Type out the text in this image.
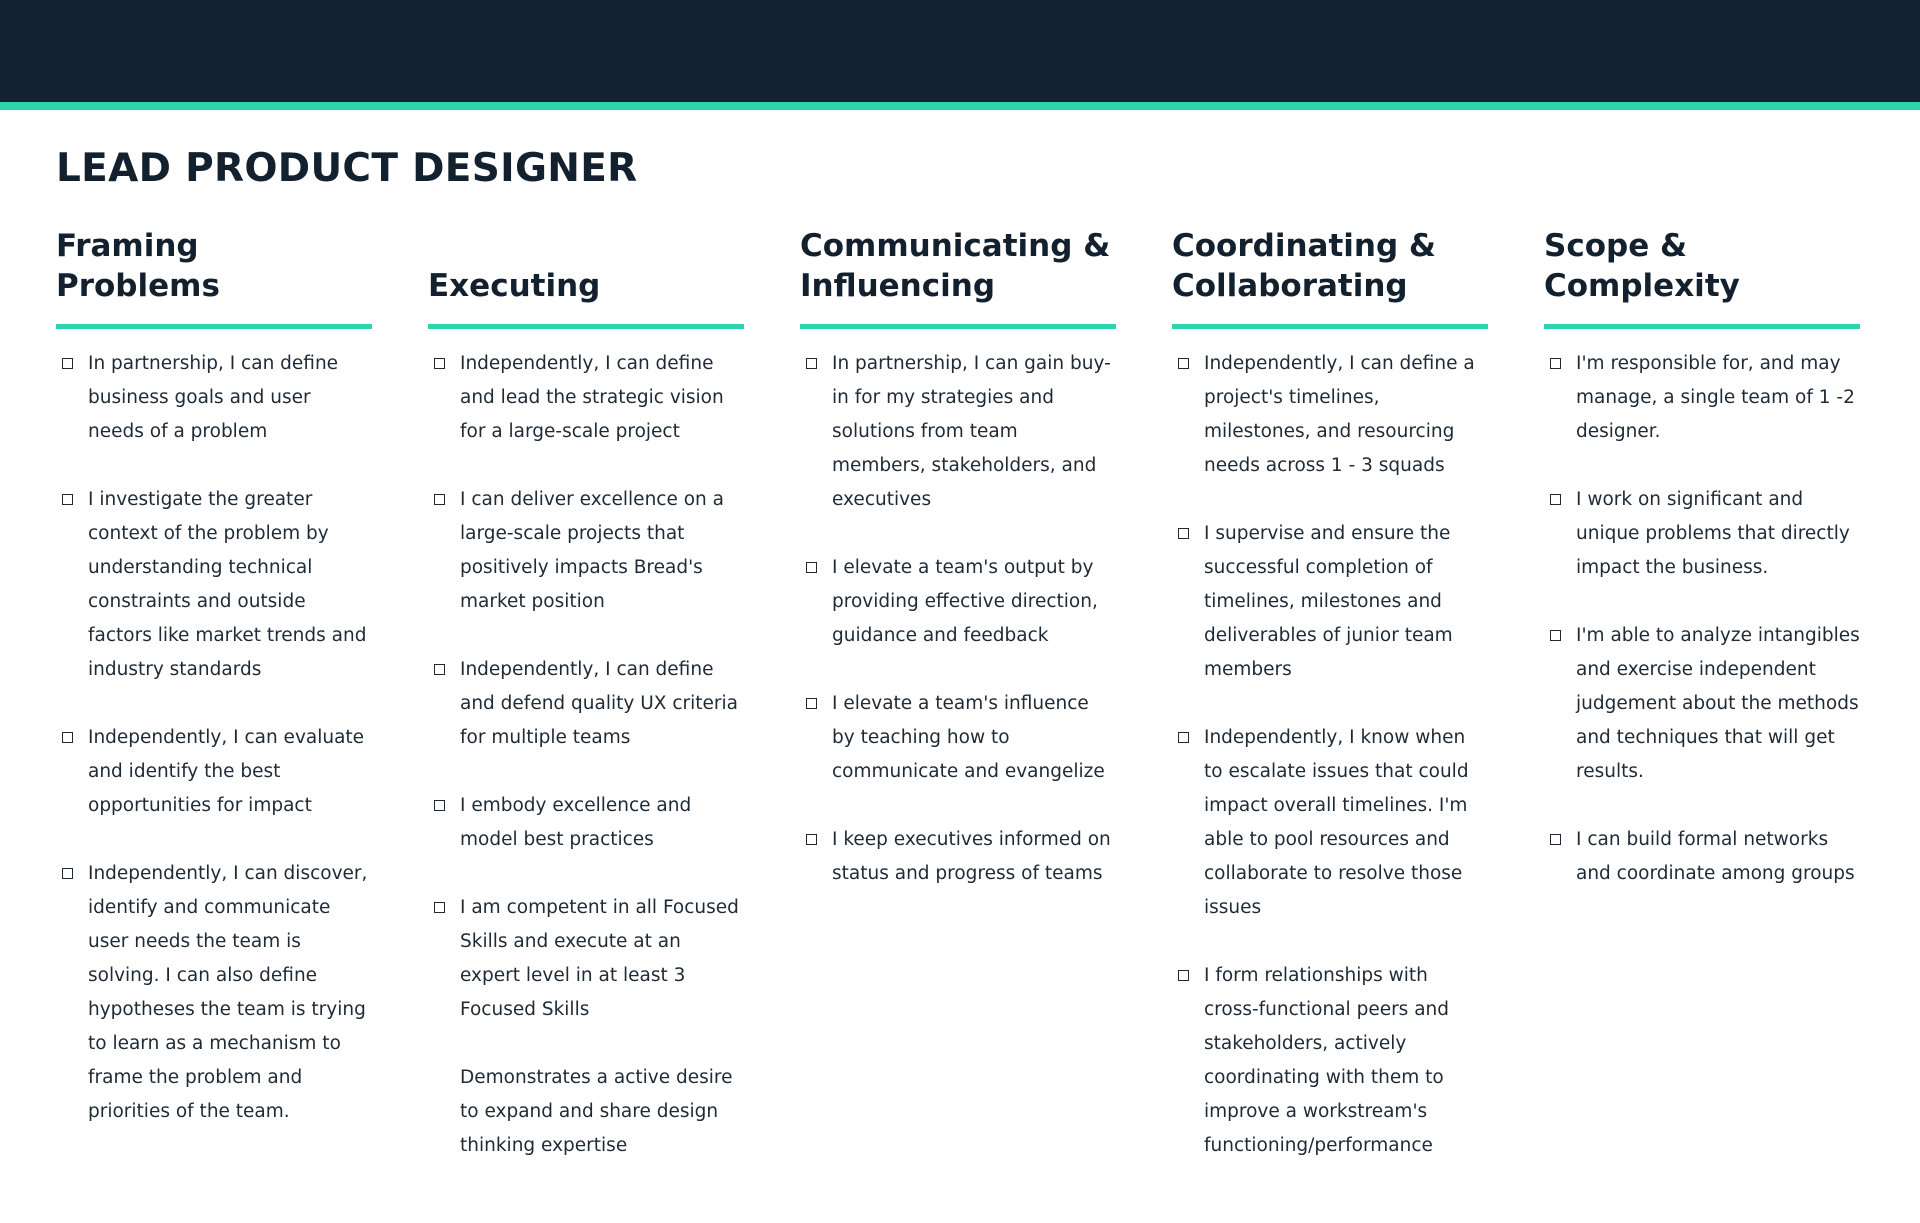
LEAD PRODUCT DESIGNER
Framing Problems
In partnership, I can define business goals and user needs of a problem
I investigate the greater context of the problem by understanding technical constraints and outside factors like market trends and industry standards
Independently, I can evaluate and identify the best opportunities for impact
Independently, I can discover, identify and communicate user needs the team is solving. I can also define hypotheses the team is trying to learn as a mechanism to frame the problem and priorities of the team.
Executing
Independently, I can define and lead the strategic vision for a large-scale project
I can deliver excellence on a large-scale projects that positively impacts Bread's market position
Independently, I can define and defend quality UX criteria for multiple teams
I embody excellence and model best practices
I am competent in all Focused Skills and execute at an expert level in at least 3 Focused Skills
Demonstrates a active desire to expand and share design thinking expertise
Communicating & Influencing
In partnership, I can gain buy-in for my strategies and solutions from team members, stakeholders, and executives
I elevate a team's output by providing effective direction, guidance and feedback
I elevate a team's influence by teaching how to communicate and evangelize
I keep executives informed on status and progress of teams
Coordinating & Collaborating
Independently, I can define a project's timelines, milestones, and resourcing needs across 1 - 3 squads
I supervise and ensure the successful completion of timelines, milestones and deliverables of junior team members
Independently, I know when to escalate issues that could impact overall timelines. I'm able to pool resources and collaborate to resolve those issues
I form relationships with cross-functional peers and stakeholders, actively coordinating with them to improve a workstream's functioning/performance
Scope & Complexity
I'm responsible for, and may manage, a single team of 1 -2 designer.
I work on significant and unique problems that directly impact the business.
I'm able to analyze intangibles and exercise independent judgement about the methods and techniques that will get results.
I can build formal networks and coordinate among groups
